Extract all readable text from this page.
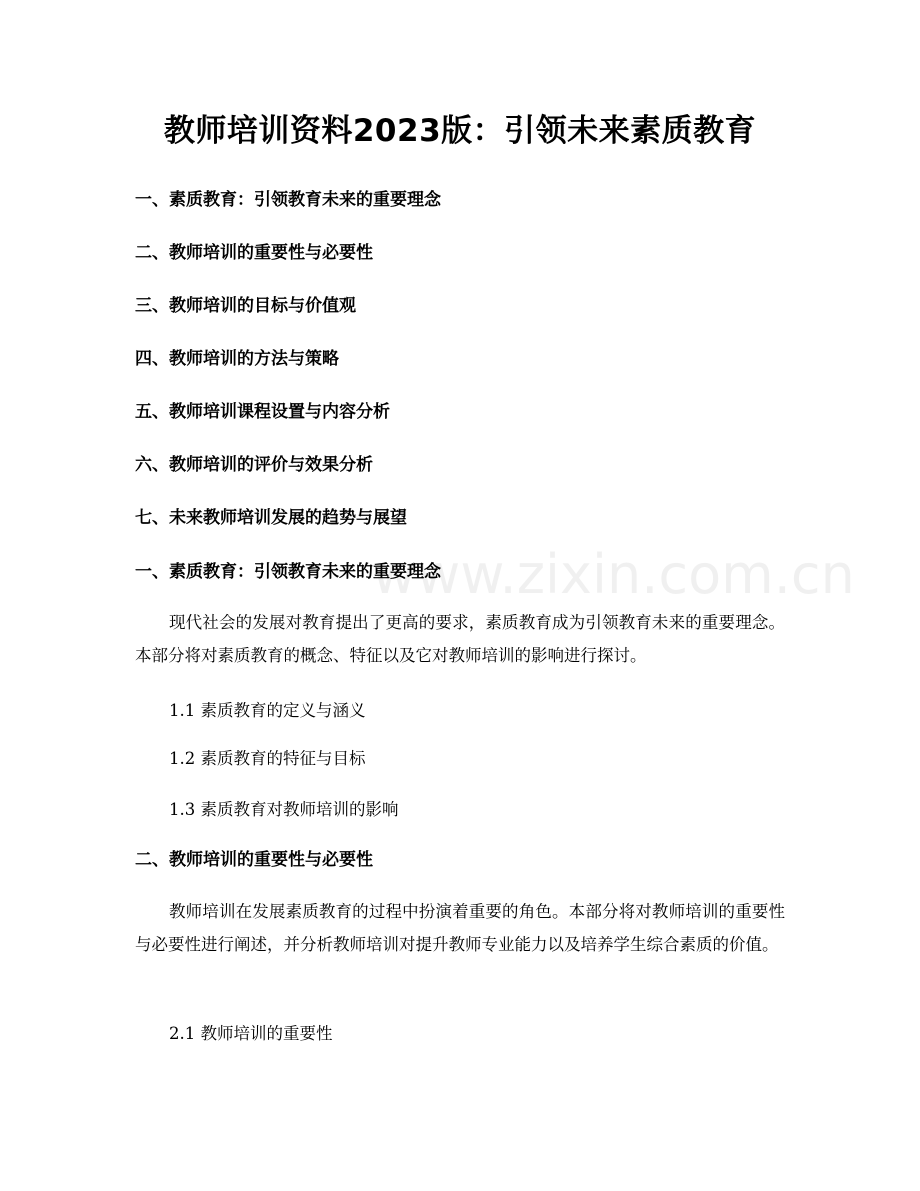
www.zixin.com.cn
教师培训资料2023版：引领未来素质教育
一、素质教育：引领教育未来的重要理念
二、教师培训的重要性与必要性
三、教师培训的目标与价值观
四、教师培训的方法与策略
五、教师培训课程设置与内容分析
六、教师培训的评价与效果分析
七、未来教师培训发展的趋势与展望
一、素质教育：引领教育未来的重要理念
现代社会的发展对教育提出了更高的要求，素质教育成为引领教育未来的重要理念。本部分将对素质教育的概念、特征以及它对教师培训的影响进行探讨。
1.1 素质教育的定义与涵义
1.2 素质教育的特征与目标
1.3 素质教育对教师培训的影响
二、教师培训的重要性与必要性
教师培训在发展素质教育的过程中扮演着重要的角色。本部分将对教师培训的重要性与必要性进行阐述，并分析教师培训对提升教师专业能力以及培养学生综合素质的价值。
2.1 教师培训的重要性
